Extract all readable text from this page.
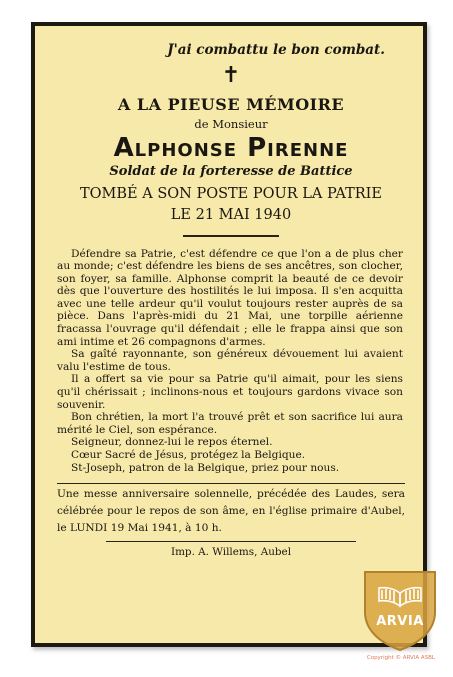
J'ai combattu le bon combat.
✝
A LA PIEUSE MÉMOIRE
de Monsieur
Alphonse Pirenne
Soldat de la forteresse de Battice
TOMBÉ A SON POSTE POUR LA PATRIE
LE 21 MAI 1940

Défendre sa Patrie, c'est défendre ce que l'on a de plus cher au monde; c'est défendre les biens de ses ancêtres, son clocher, son foyer, sa famille. Alphonse comprit la beauté de ce devoir dès que l'ouverture des hostilités le lui imposa. Il s'en acquitta avec une telle ardeur qu'il voulut toujours rester auprès de sa pièce. Dans l'après-midi du 21 Mai, une torpille aérienne fracassa l'ouvrage qu'il défendait ; elle le frappa ainsi que son ami intime et 26 compagnons d'armes.

Sa gaîté rayonnante, son généreux dévouement lui avaient valu l'estime de tous.

Il a offert sa vie pour sa Patrie qu'il aimait, pour les siens qu'il chérissait ; inclinons-nous et toujours gardons vivace son souvenir.

Bon chrétien, la mort l'a trouvé prêt et son sacrifice lui aura mérité le Ciel, son espérance.

Seigneur, donnez-lui le repos éternel.

Cœur Sacré de Jésus, protégez la Belgique.

St-Joseph, patron de la Belgique, priez pour nous.

Une messe anniversaire solennelle, précédée des Laudes, sera célébrée pour le repos de son âme, en l'église primaire d'Aubel, le LUNDI 19 Mai 1941, à 10 h.

Imp. A. Willems, Aubel
ARVIA
Copyright © ARVIA ASBL
